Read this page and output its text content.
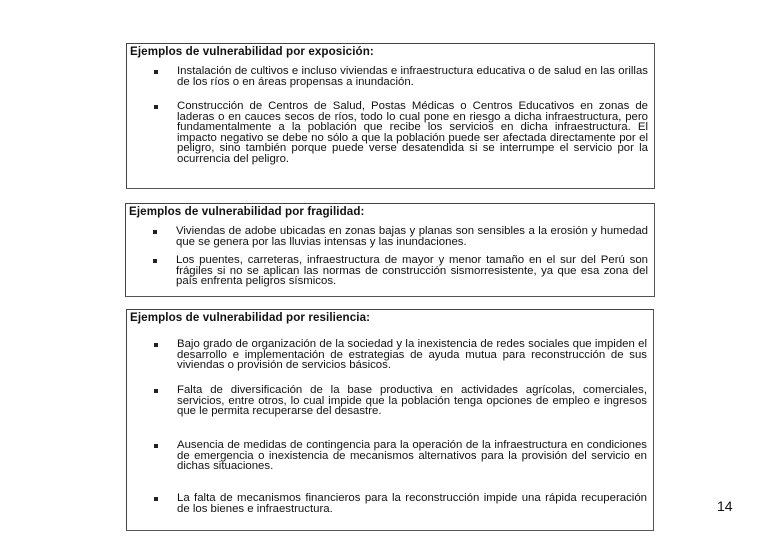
Ejemplos de vulnerabilidad por exposición:
Instalación de cultivos e incluso viviendas e infraestructura educativa o de salud en las orillas de los ríos o en áreas propensas a inundación.
Construcción de Centros de Salud, Postas Médicas o Centros Educativos en zonas de laderas o en cauces secos de ríos, todo lo cual pone en riesgo a dicha infraestructura, pero fundamentalmente a la población que recibe los servicios en dicha infraestructura. El impacto negativo se debe no sólo a que la población puede ser afectada directamente por el peligro, sino también porque puede verse desatendida si se interrumpe el servicio por la ocurrencia del peligro.
Ejemplos de vulnerabilidad por fragilidad:
Viviendas de adobe ubicadas en zonas bajas y planas son sensibles a la erosión y humedad que se genera por las lluvias intensas y las inundaciones.
Los puentes, carreteras, infraestructura de mayor y menor tamaño en el sur del Perú son frágiles si no se aplican las normas de construcción sismorresistente, ya que esa zona del país enfrenta peligros sísmicos.
Ejemplos de vulnerabilidad por resiliencia:
Bajo grado de organización de la sociedad y la inexistencia de redes sociales que impiden el desarrollo e implementación de estrategias de ayuda mutua para reconstrucción de sus viviendas o provisión de servicios básicos.
Falta de diversificación de la base productiva en actividades agrícolas, comerciales, servicios, entre otros, lo cual impide que la población tenga opciones de empleo e ingresos que le permita recuperarse del desastre.
Ausencia de medidas de contingencia para la operación de la infraestructura en condiciones de emergencia o inexistencia de mecanismos alternativos para la provisión del servicio en dichas situaciones.
La falta de mecanismos financieros para la reconstrucción impide una rápida recuperación de los bienes e infraestructura.	14
